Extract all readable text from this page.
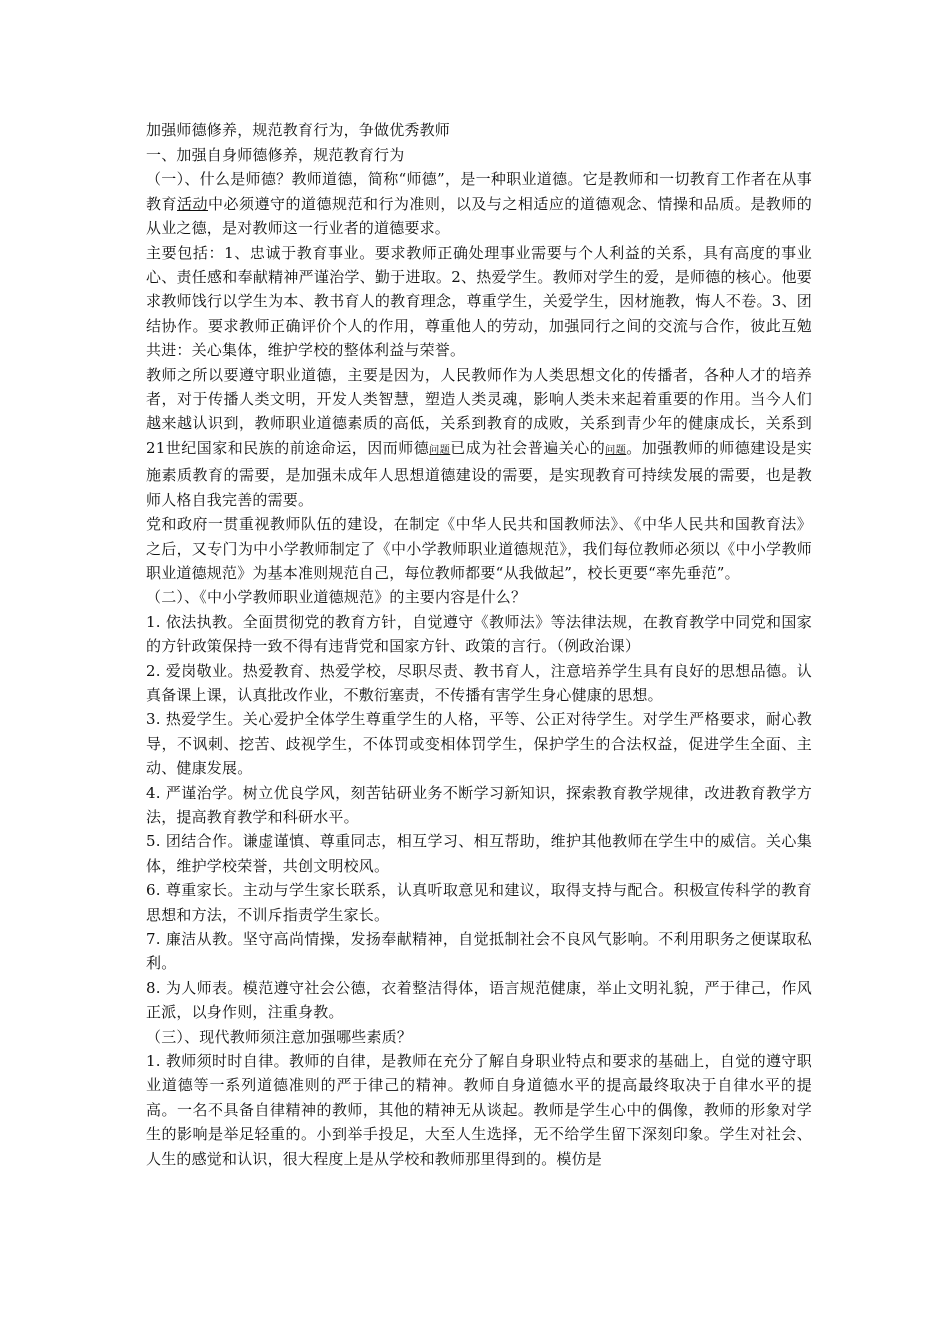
加强师德修养，规范教育行为，争做优秀教师

一、加强自身师德修养，规范教育行为

（一）、什么是师德？教师道德，简称“师德”，是一种职业道德。它是教师和一切教育工作者在从事教育活动中必须遵守的道德规范和行为准则，以及与之相适应的道德观念、情操和品质。是教师的从业之德，是对教师这一行业者的道德要求。

主要包括：1、忠诚于教育事业。要求教师正确处理事业需要与个人利益的关系，具有高度的事业心、责任感和奉献精神严谨治学、勤于进取。2、热爱学生。教师对学生的爱，是师德的核心。他要求教师饯行以学生为本、教书育人的教育理念，尊重学生，关爱学生，因材施教，悔人不卷。3、团结协作。要求教师正确评价个人的作用，尊重他人的劳动，加强同行之间的交流与合作，彼此互勉共进：关心集体，维护学校的整体利益与荣誉。

教师之所以要遵守职业道德，主要是因为，人民教师作为人类思想文化的传播者，各种人才的培养者，对于传播人类文明，开发人类智慧，塑造人类灵魂，影响人类未来起着重要的作用。当今人们越来越认识到，教师职业道德素质的高低，关系到教育的成败，关系到青少年的健康成长，关系到21世纪国家和民族的前途命运，因而师德问题已成为社会普遍关心的问题。加强教师的师德建设是实施素质教育的需要，是加强未成年人思想道德建设的需要，是实现教育可持续发展的需要，也是教师人格自我完善的需要。

党和政府一贯重视教师队伍的建设，在制定《中华人民共和国教师法》、《中华人民共和国教育法》之后，又专门为中小学教师制定了《中小学教师职业道德规范》，我们每位教师必须以《中小学教师职业道德规范》为基本准则规范自己，每位教师都要“从我做起”，校长更要“率先垂范”。

（二）、《中小学教师职业道德规范》的主要内容是什么？

1. 依法执教。全面贯彻党的教育方针，自觉遵守《教师法》等法律法规，在教育教学中同党和国家的方针政策保持一致不得有违背党和国家方针、政策的言行。（例政治课）

2. 爱岗敬业。热爱教育、热爱学校，尽职尽责、教书育人，注意培养学生具有良好的思想品德。认真备课上课，认真批改作业，不敷衍塞责，不传播有害学生身心健康的思想。

3. 热爱学生。关心爱护全体学生尊重学生的人格，平等、公正对待学生。对学生严格要求，耐心教导，不讽刺、挖苦、歧视学生，不体罚或变相体罚学生，保护学生的合法权益，促进学生全面、主动、健康发展。

4. 严谨治学。树立优良学风，刻苦钻研业务不断学习新知识，探索教育教学规律，改进教育教学方法，提高教育教学和科研水平。

5. 团结合作。谦虚谨慎、尊重同志，相互学习、相互帮助，维护其他教师在学生中的威信。关心集体，维护学校荣誉，共创文明校风。

6. 尊重家长。主动与学生家长联系，认真听取意见和建议，取得支持与配合。积极宣传科学的教育思想和方法，不训斥指责学生家长。

7. 廉洁从教。坚守高尚情操，发扬奉献精神，自觉抵制社会不良风气影响。不利用职务之便谋取私利。

8. 为人师表。模范遵守社会公德，衣着整洁得体，语言规范健康，举止文明礼貌，严于律己，作风正派，以身作则，注重身教。

（三）、现代教师须注意加强哪些素质？

1. 教师须时时自律。教师的自律，是教师在充分了解自身职业特点和要求的基础上，自觉的遵守职业道德等一系列道德准则的严于律己的精神。教师自身道德水平的提高最终取决于自律水平的提高。一名不具备自律精神的教师，其他的精神无从谈起。教师是学生心中的偶像，教师的形象对学生的影响是举足轻重的。小到举手投足，大至人生选择，无不给学生留下深刻印象。学生对社会、人生的感觉和认识，很大程度上是从学校和教师那里得到的。模仿是
